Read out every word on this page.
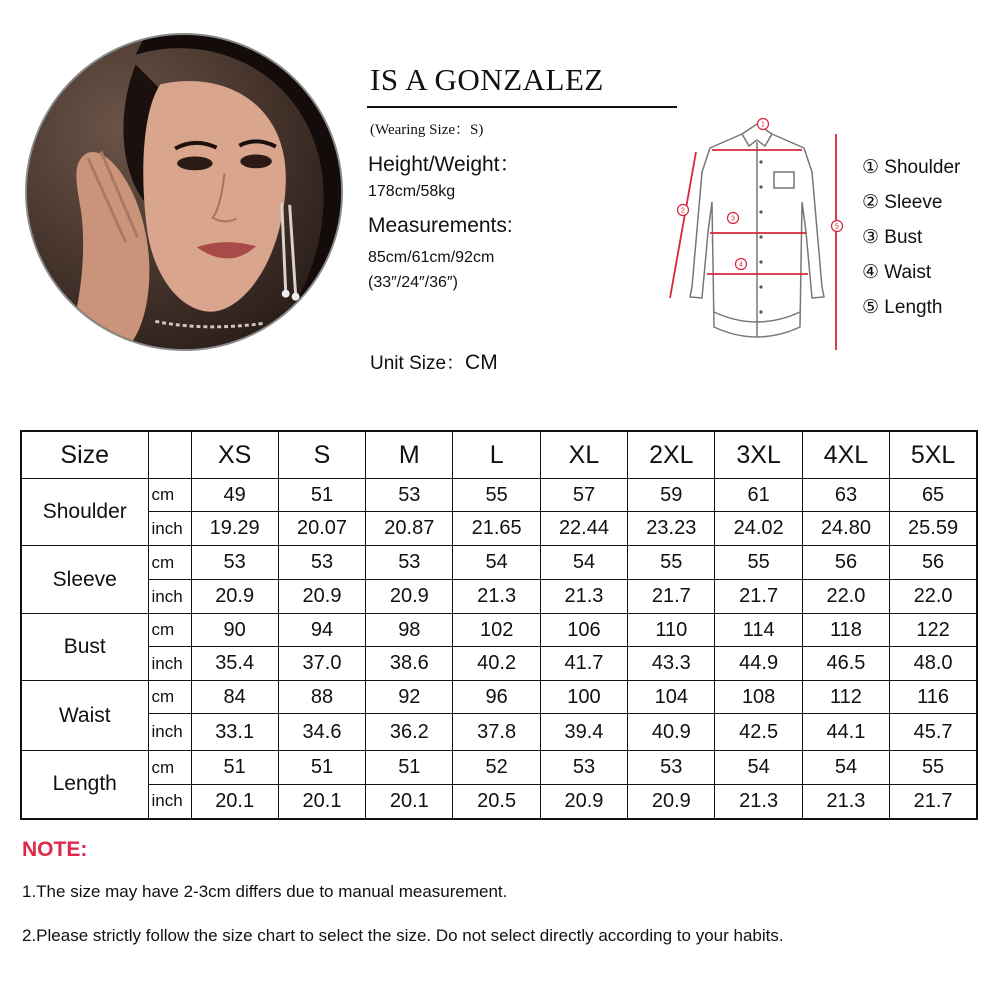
IS A GONZALEZ
(Wearing Size：S)
Height/Weight：
178cm/58kg
Measurements:
85cm/61cm/92cm
(33″/24″/36″)
Unit Size：CM
1
2
3
4
5
① Shoulder
② Sleeve
③ Bust
④ Waist
⑤ Length
Size		XS	S	M	L	XL	2XL	3XL	4XL	5XL
Shoulder	cm	49	51	53	55	57	59	61	63	65
	inch	19.29	20.07	20.87	21.65	22.44	23.23	24.02	24.80	25.59
Sleeve	cm	53	53	53	54	54	55	55	56	56
	inch	20.9	20.9	20.9	21.3	21.3	21.7	21.7	22.0	22.0
Bust	cm	90	94	98	102	106	110	114	118	122
	inch	35.4	37.0	38.6	40.2	41.7	43.3	44.9	46.5	48.0
Waist	cm	84	88	92	96	100	104	108	112	116
	inch	33.1	34.6	36.2	37.8	39.4	40.9	42.5	44.1	45.7
Length	cm	51	51	51	52	53	53	54	54	55
	inch	20.1	20.1	20.1	20.5	20.9	20.9	21.3	21.3	21.7
NOTE:
1.The size may have 2-3cm differs due to manual measurement.
2.Please strictly follow the size chart to select the size. Do not select directly according to your habits.
